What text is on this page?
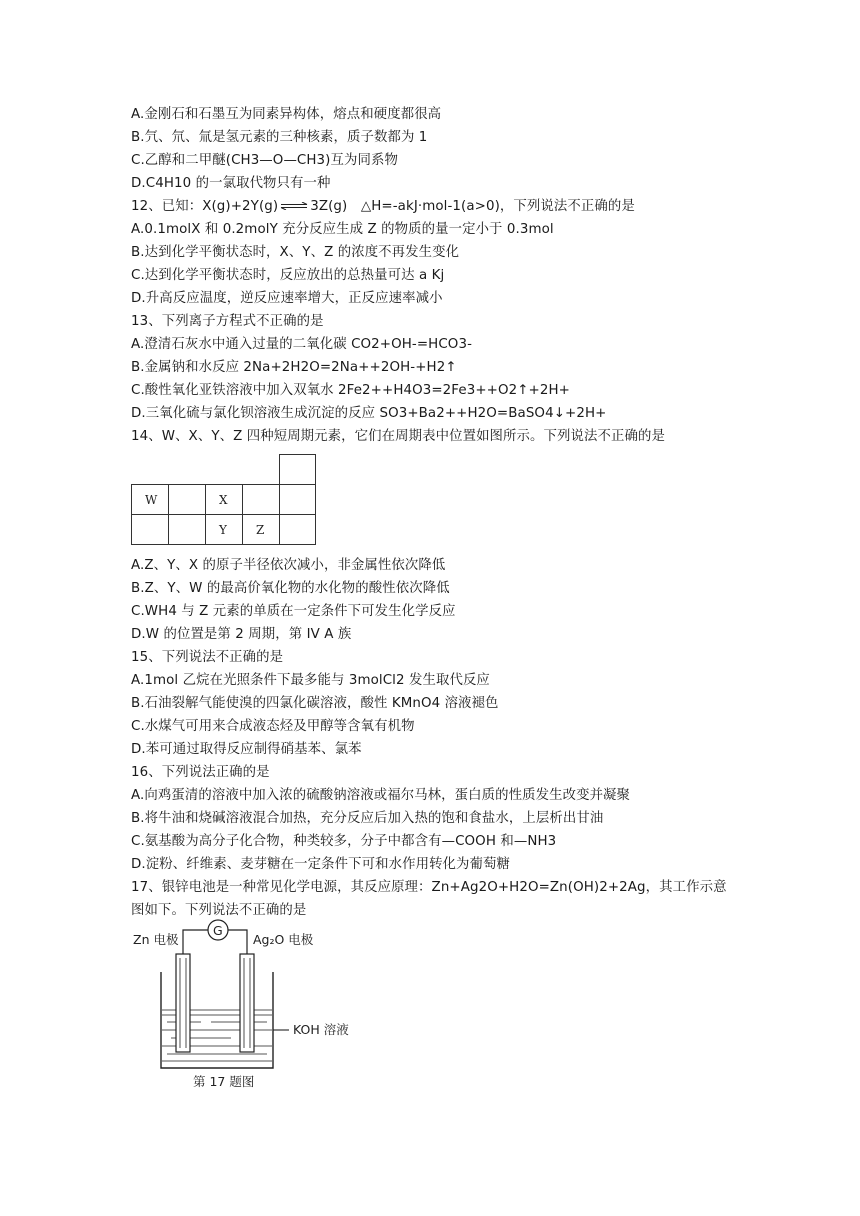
A.金刚石和石墨互为同素异构体，熔点和硬度都很高
B.氕、氘、氚是氢元素的三种核素，质子数都为 1
C.乙醇和二甲醚(CH3—O—CH3)互为同系物
D.C4H10 的一氯取代物只有一种
12、已知：X(g)+2Y(g) ⇌ 3Z(g)　△H=-akJ·mol-1(a>0)，下列说法不正确的是
A.0.1molX 和 0.2molY 充分反应生成 Z 的物质的量一定小于 0.3mol
B.达到化学平衡状态时，X、Y、Z 的浓度不再发生变化
C.达到化学平衡状态时，反应放出的总热量可达 a Kj
D.升高反应温度，逆反应速率增大，正反应速率减小
13、下列离子方程式不正确的是
A.澄清石灰水中通入过量的二氧化碳 CO2+OH-=HCO3-
B.金属钠和水反应 2Na+2H2O=2Na++2OH-+H2↑
C.酸性氧化亚铁溶液中加入双氧水 2Fe2++H4O3=2Fe3++O2↑+2H+
D.三氧化硫与氯化钡溶液生成沉淀的反应 SO3+Ba2++H2O=BaSO4↓+2H+
14、W、X、Y、Z 四种短周期元素，它们在周期表中位置如图所示。下列说法不正确的是
W	X
Y Z
A.Z、Y、X 的原子半径依次减小，非金属性依次降低
B.Z、Y、W 的最高价氧化物的水化物的酸性依次降低
C.WH4 与 Z 元素的单质在一定条件下可发生化学反应
D.W 的位置是第 2 周期，第 IV A 族
15、下列说法不正确的是
A.1mol 乙烷在光照条件下最多能与 3molCl2 发生取代反应
B.石油裂解气能使溴的四氯化碳溶液，酸性 KMnO4 溶液褪色
C.水煤气可用来合成液态烃及甲醇等含氧有机物
D.苯可通过取得反应制得硝基苯、氯苯
16、下列说法正确的是
A.向鸡蛋清的溶液中加入浓的硫酸钠溶液或福尔马林，蛋白质的性质发生改变并凝聚
B.将牛油和烧碱溶液混合加热，充分反应后加入热的饱和食盐水，上层析出甘油
C.氨基酸为高分子化合物，种类较多，分子中都含有—COOH 和—NH3
D.淀粉、纤维素、麦芽糖在一定条件下可和水作用转化为葡萄糖
17、银锌电池是一种常见化学电源，其反应原理：Zn+Ag2O+H2O=Zn(OH)2+2Ag，其工作示意
图如下。下列说法不正确的是
G
Zn 电极	Ag₂O 电极
KOH 溶液
第 17 题图
